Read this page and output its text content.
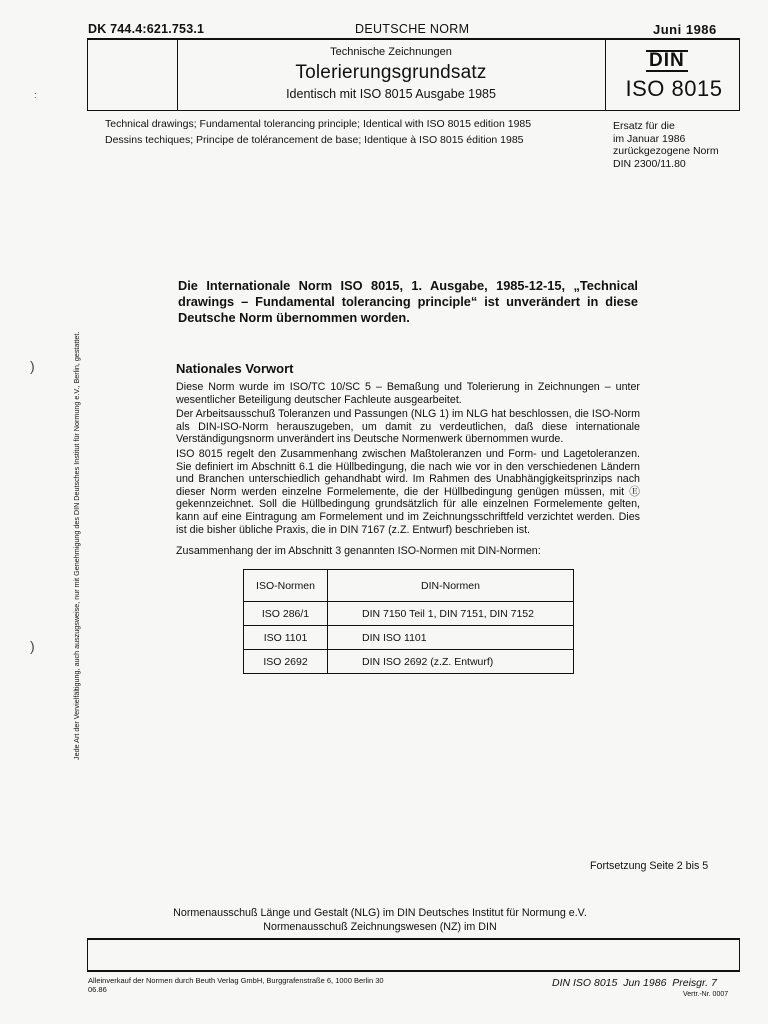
DK 744.4:621.753.1	DEUTSCHE NORM	Juni 1986
Technische Zeichnungen
Tolerierungsgrundsatz
Identisch mit ISO 8015 Ausgabe 1985
DIN
ISO 8015
Technical drawings; Fundamental tolerancing principle; Identical with ISO 8015 edition 1985
Dessins techiques; Principe de tolérancement de base; Identique à ISO 8015 édition 1985
Ersatz für die
im Januar 1986
zurückgezogene Norm
DIN 2300/11.80
Jede Art der Vervielfältigung, auch auszugsweise, nur mit Genehmigung des DIN Deutsches Institut für Normung e.V., Berlin, gestattet.
:
)
)
Die Internationale Norm ISO 8015, 1. Ausgabe, 1985-12-15, „Technical drawings – Fundamental tolerancing principle“ ist unverändert in diese Deutsche Norm übernommen worden.
Nationales Vorwort
Diese Norm wurde im ISO/TC 10/SC 5 – Bemaßung und Tolerierung in Zeichnungen – unter wesentlicher Beteiligung deutscher Fachleute ausgearbeitet.
Der Arbeitsausschuß Toleranzen und Passungen (NLG 1) im NLG hat beschlossen, die ISO-Norm als DIN-ISO-Norm herauszugeben, um damit zu verdeutlichen, daß diese internationale Verständigungsnorm unverändert ins Deutsche Normenwerk übernommen wurde.
ISO 8015 regelt den Zusammenhang zwischen Maßtoleranzen und Form- und Lagetoleranzen. Sie definiert im Abschnitt 6.1 die Hüllbedingung, die nach wie vor in den verschiedenen Ländern und Branchen unterschiedlich gehandhabt wird. Im Rahmen des Unabhängigkeitsprinzips nach dieser Norm werden einzelne Formelemente, die der Hüllbedingung genügen müssen, mit Ⓔ gekennzeichnet. Soll die Hüllbedingung grundsätzlich für alle einzelnen Formelemente gelten, kann auf eine Eintragung am Formelement und im Zeichnungsschriftfeld verzichtet werden. Dies ist die bisher übliche Praxis, die in DIN 7167 (z.Z. Entwurf) beschrieben ist.
Zusammenhang der im Abschnitt 3 genannten ISO-Normen mit DIN-Normen:
ISO-Normen	DIN-Normen
ISO 286/1	DIN 7150 Teil 1, DIN 7151, DIN 7152
ISO 1101	DIN ISO 1101
ISO 2692	DIN ISO 2692 (z.Z. Entwurf)
Fortsetzung Seite 2 bis 5
Normenausschuß Länge und Gestalt (NLG) im DIN Deutsches Institut für Normung e.V.
Normenausschuß Zeichnungswesen (NZ) im DIN
Alleinverkauf der Normen durch Beuth Verlag GmbH, Burggrafenstraße 6, 1000 Berlin 30
06.86
DIN ISO 8015  Jun 1986  Preisgr. 7
Vertr.-Nr. 0007
